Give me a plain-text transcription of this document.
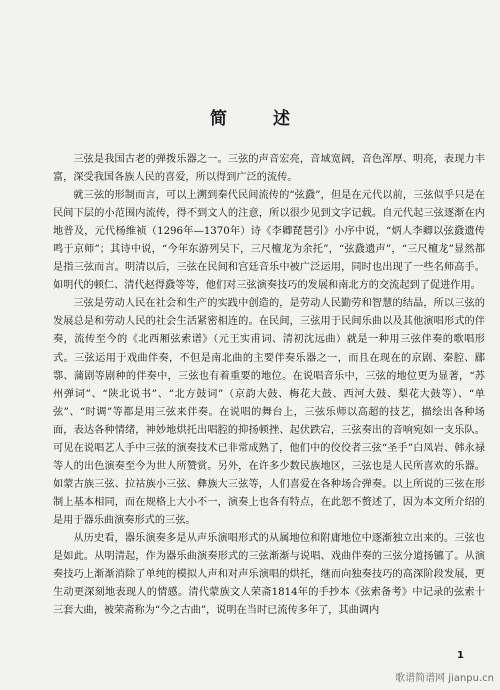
简 述

三弦是我国古老的弹拨乐器之一。三弦的声音宏亮，音域宽阔，音色浑厚、明亮，表现力丰富，深受我国各族人民的喜爱，所以得到广泛的流传。

就三弦的形制而言，可以上溯到秦代民间流传的“弦鼗”，但是在元代以前，三弦似乎只是在民间下层的小范围内流传，得不到文人的注意，所以很少见到文字记载。自元代起三弦逐渐在内地普及，元代杨维祯（1296年—1370年）诗《李卿琵琶引》小序中说，“炳人李卿以弦鼗遗传鸣于京师”；其诗中说，“今年东游列吴下，三尺檀龙为余托”，“弦鼗遗声”，“三尺檀龙”显然都是指三弦而言。明清以后，三弦在民间和宫廷音乐中被广泛运用，同时也出现了一些名师高手。如明代的顿仁、清代赵得鼗等等，他们对三弦演奏技巧的发展和南北方的交流起到了促进作用。

三弦是劳动人民在社会和生产的实践中创造的，是劳动人民勤劳和智慧的结晶，所以三弦的发展总是和劳动人民的社会生活紧密相连的。在民间，三弦用于民间乐曲以及其他演唱形式的伴奏，流传至今的《北西厢弦索谱》（元王实甫词、清初沈远曲）就是一种用三弦伴奏的歌唱形式。三弦运用于戏曲伴奏，不但是南北曲的主要伴奏乐器之一，而且在现在的京剧、秦腔、郿鄠、蒲剧等剧种的伴奏中，三弦也有着重要的地位。在说唱音乐中，三弦的地位更为显著，“苏州弹词”、“陕北说书”、“北方鼓词”（京韵大鼓、梅花大鼓、西河大鼓、梨花大鼓等）、“单弦”、“时调”等都是用三弦来伴奏。在说唱的舞台上，三弦乐师以高超的技艺，描绘出各种场面，表达各种情绪，神妙地烘托出唱腔的抑扬顿挫、起伏跌宕，三弦奏出的音响宛如一支乐队。可见在说唱艺人手中三弦的演奏技术已非常成熟了，他们中的佼佼者三弦“圣手”白凤岩、韩永禄等人的出色演奏至今为世人所赞赏。另外，在许多少数民族地区，三弦也是人民所喜欢的乐器。如蒙古族三弦、拉祜族小三弦、彝族大三弦等，人们喜爱在各种场合弹奏。以上所说的三弦在形制上基本相同，而在规格上大小不一，演奏上也各有特点，在此恕不赘述了，因为本文所介绍的是用于器乐曲演奏形式的三弦。

从历史看，器乐演奏多是从声乐演唱形式的从属地位和附庸地位中逐渐独立出来的。三弦也是如此。从明清起，作为器乐曲演奏形式的三弦渐渐与说唱、戏曲伴奏的三弦分道扬镳了。从演奏技巧上渐渐消除了单纯的模拟人声和对声乐演唱的烘托，继而向独奏技巧的高深阶段发展，更生动更深刻地表现人的情感。清代蒙族文人荣斋1814年的手抄本《弦索备考》中记录的弦索十三套大曲，被荣斋称为“今之古曲”，说明在当时已流传多年了，其曲调内

1
歌谱简谱网 jianpu.cn
